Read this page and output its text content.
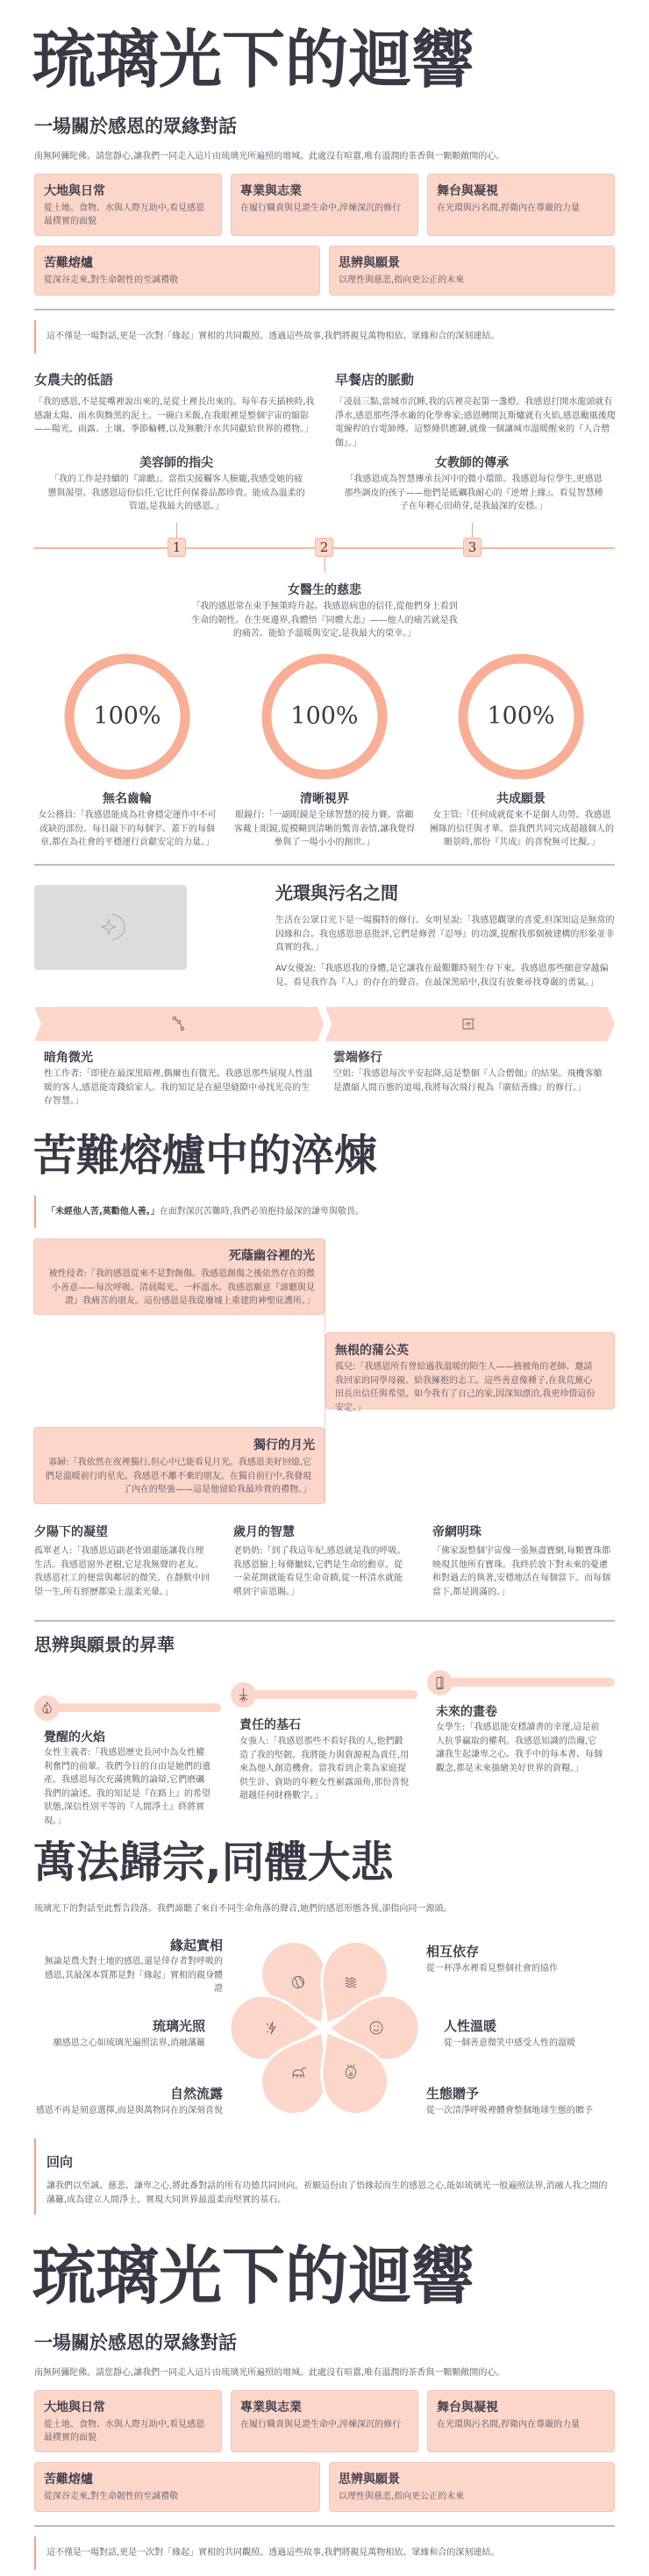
琉璃光下的迴響
一場關於感恩的眾緣對話

南無阿彌陀佛。請您靜心,讓我們一同走入這片由琉璃光所遍照的壇城。此處沒有喧囂,唯有溫潤的茶香與一顆顆敞開的心。

大地與日常
從土地、食物、水與人際互助中,看見感恩最樸實的面貌
專業與志業
在履行職責與見證生命中,淬煉深沉的修行
舞台與凝視
在光環與污名間,捍衛內在尊嚴的力量
苦難熔爐
從深谷走來,對生命韌性的至誠禮敬
思辨與願景
以理性與慈悲,指向更公正的未來

這不僅是一場對話,更是一次對「緣起」實相的共同觀照。透過這些故事,我們將親見萬物相依、眾緣和合的深刻連結。

女農夫的低語

「我的感恩,不是從嘴裡說出來的,是從土裡長出來的。每年春天插秧時,我感謝太陽、雨水與黝黑的泥土。一碗白米飯,在我眼裡是整個宇宙的縮影——陽光、雨露、土壤、季節輪轉,以及無數汗水共同獻給世界的禮物。」

早餐店的脈動

「凌晨三點,當城市沉睡,我的店裡亮起第一盞燈。我感恩打開水龍頭就有淨水,感恩那些淨水廠的化學專家;感恩轉開瓦斯爐就有火焰,感恩颱風後爬電線桿的台電師傅。這整條供應鏈,就像一個讓城市溫暖醒來的『人合僧伽』。」

美容師的指尖

「我的工作是持續的『諦聽』。當指尖接觸客人臉龐,我感受她的疲憊與渴望。我感恩這份信任,它比任何保養品都珍貴。能成為溫柔的管道,是我最大的感恩。」

女教師的傳承

「我感恩成為智慧傳承長河中的微小環節。我感恩每位學生,更感恩那些調皮的孩子——他們是砥礪我耐心的『逆增上緣』。看見智慧種子在年輕心田萌芽,是我最深的安穩。」

1	2	3
女醫生的慈悲

「我的感恩常在束手無策時升起。我感恩病患的信任,從他們身上看到生命的韌性。在生死邊界,我體悟『同體大悲』——他人的痛苦就是我的痛苦。能給予溫暖與安定,是我最大的榮幸。」

100%	100%	100%
無名齒輪

女公務員:「我感恩能成為社會穩定運作中不可或缺的部份。每日敲下的每個字、蓋下的每個章,都在為社會的平穩運行貢獻安定的力量。」

清晰視界

眼鏡行:「一副眼鏡是全球智慧的接力賽。當顧客戴上眼鏡,從模糊到清晰的驚喜表情,讓我覺得參與了一場小小的創世。」

共成願景

女主管:「任何成就從來不是個人功勞。我感恩團隊的信任與才華。當我們共同完成超越個人的願景時,那份『共成』的喜悅無可比擬。」

光環與污名之間

生活在公眾目光下是一場獨特的修行。女明星說:「我感恩觀眾的喜愛,但深知這是無常的因緣和合。我也感恩惡意批評,它們是修習『忍辱』的功課,提醒我那個被建構的形象並非真實的我。」

AV女優說:「我感恩我的身體,是它讓我在最艱難時刻生存下來。我感恩那些願意穿越偏見、看見我作為『人』的存在的聲音。在最深黑暗中,我沒有放棄尋找尊嚴的勇氣。」

暗角微光

性工作者:「即使在最深黑暗裡,偶爾也有微光。我感恩那些展現人性溫暖的客人,感恩能寄錢給家人。我的知足是在絕望縫隙中尋找光亮的生存智慧。」

雲端修行

空姐:「我感恩每次平安起降,這是整個『人合僧伽』的結果。飛機客艙是濃縮人間百態的道場,我將每次飛行視為『廣結善緣』的修行。」

苦難熔爐中的淬煉

「未經他人苦,莫勸他人善。」在面對深沉苦難時,我們必須抱持最深的謙卑與敬畏。

死蔭幽谷裡的光

被性侵者:「我的感恩從來不是對創傷。我感恩創傷之後依然存在的微小善意——每次呼吸、清晨陽光、一杯溫水。我感恩願意『諦聽與見證』我痛苦的朋友。這份感恩是我從廢墟上重建的神聖庇護所。」

無根的蒲公英

孤兒:「我感恩所有曾給過我溫暖的陌生人——掖被角的老師、邀請我回家的同學母親、給我擁抱的志工。這些善意像種子,在我荒蕪心田長出信任與希望。如今我有了自己的家,因深知漂泊,我更珍惜這份安定。」

獨行的月光

寡婦:「我依然在夜裡獨行,但心中已能看見月光。我感恩美好回憶,它們是溫暖前行的星光。我感恩不離不棄的朋友。在獨自前行中,我發現了內在的堅強——這是他留給我最珍貴的禮物。」

夕陽下的凝望

孤單老人:「我感恩這副老骨頭還能讓我自理生活。我感恩窗外老樹,它是我無聲的老友。我感恩社工的便當與鄰居的微笑。在靜默中回望一生,所有經歷都染上溫柔光暈。」

歲月的智慧

老奶奶:「到了我這年紀,感恩就是我的呼吸。我感恩臉上每條皺紋,它們是生命的勳章。從一朵花開就能看見生命奇蹟,從一杯清水就能嚐到宇宙恩賜。」

帝網明珠

「佛家說整個宇宙像一張無盡寶網,每顆寶珠都映現其他所有寶珠。我終於放下對未來的憂慮和對過去的執著,安穩地活在每個當下。而每個當下,都是圓滿的。」

思辨與願景的昇華
覺醒的火焰

女性主義者:「我感恩歷史長河中為女性權利奮鬥的前輩。我們今日的自由是她們的遺產。我感恩每次充滿挑戰的論辯,它們磨礪我們的論述。我的知足是『在路上』的希望狀態,深信性別平等的『人間淨土』終將實現。」

責任的基石

女強人:「我感恩那些不看好我的人,他們鍛造了我的堅韌。我將能力與資源視為責任,用來為他人創造機會。當我看到企業為家庭提供生計、資助的年輕女性嶄露頭角,那份喜悅超越任何財務數字。」

未來的畫卷

女學生:「我感恩能安穩讀書的幸運,這是前人抗爭贏取的權利。我感恩知識的浩瀚,它讓我生起謙卑之心。我手中的每本書、每個觀念,都是未來描繪美好世界的資糧。」

萬法歸宗,同體大悲

琉璃光下的對話至此暫告段落。我們諦聽了來自不同生命角落的聲音,她們的感恩形態各異,卻指向同一源頭。

緣起實相

無論是農夫對土地的感恩,還是倖存者對呼吸的感恩,其最深本質都是對「緣起」實相的親身體證

相互依存

從一杯淨水裡看見整個社會的協作

琉璃光照

願感恩之心如琉璃光遍照法界,消融藩籬

人性溫暖

從一個善意微笑中感受人性的溫暖

自然流露

感恩不再是刻意選擇,而是與萬物同在的深刻喜悅

生態贈予

從一次清淨呼吸裡體會整個地球生態的贈予

回向

讓我們以至誠、慈悲、謙卑之心,將此番對話的所有功德共同回向。祈願這份由了悟緣起而生的感恩之心,能如琉璃光一般遍照法界,消融人我之間的藩籬,成為建立人間淨土、實現大同世界最溫柔而堅實的基石。

琉璃光下的迴響
一場關於感恩的眾緣對話

南無阿彌陀佛。請您靜心,讓我們一同走入這片由琉璃光所遍照的壇城。此處沒有喧囂,唯有溫潤的茶香與一顆顆敞開的心。

大地與日常
從土地、食物、水與人際互助中,看見感恩最樸實的面貌
專業與志業
在履行職責與見證生命中,淬煉深沉的修行
舞台與凝視
在光環與污名間,捍衛內在尊嚴的力量
苦難熔爐
從深谷走來,對生命韌性的至誠禮敬
思辨與願景
以理性與慈悲,指向更公正的未來

這不僅是一場對話,更是一次對「緣起」實相的共同觀照。透過這些故事,我們將親見萬物相依、眾緣和合的深刻連結。
